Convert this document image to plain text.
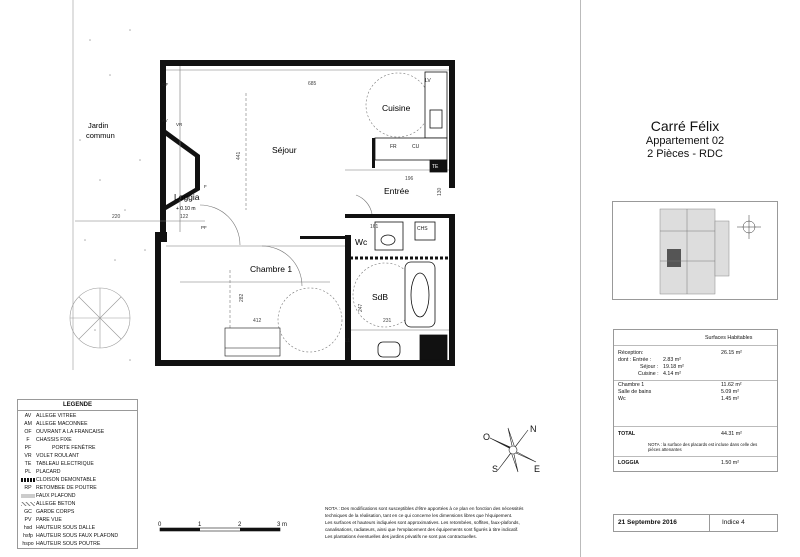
Jardin
commun
Séjour
Cuisine
Entrée
Loggia
+ 0.10 m
Wc
Chambre 1
SdB
685
441
196
220	122
412
282
247
231
161
130
LV
FR	CU
TE
CHS
LL
OF
AV
VR
PF
F
Carré Félix
Appartement 02
2 Pièces - RDC
Surfaces Habitables
Réception:	26.15 m²
dont : Entrée : 2.83 m²
Séjour : 19.18 m²
Cuisine : 4.14 m²
Chambre 1	11.62 m²
Salle de bains	5.09 m²
Wc	1.45 m²
TOTAL	44.31 m²
NOTA : la surface des placards est incluse dans celle des pièces attenantes
LOGGIA	1.50 m²
21 Septembre 2016	Indice 4
N
E
S
O
0	1	2	3 m
NOTA : Des modifications sont susceptibles d'être apportées à ce plan en fonction des nécessités
techniques de la réalisation, tant en ce qui concerne les dimensions libres que l'équipement.
Les surfaces et hauteurs indiquées sont approximatives. Les retombées, soffites, faux-plafonds,
canalisations, radiateurs, ainsi que l'emplacement des équipements sont figurés à titre indicatif.
Les plantations éventuelles des jardins privatifs ne sont pas contractuelles.
LEGENDE
AV ALLEGE VITREE
AM ALLEGE MACONNEE
OF OUVRANT A LA FRANCAISE
F CHASSIS FIXE
PF	PORTE FENÊTRE
VR VOLET ROULANT
TE TABLEAU ELECTRIQUE
PL PLACARD
CLOISON DEMONTABLE
RP RETOMBEE DE POUTRE
FAUX PLAFOND
ALLEGE BETON
GC GARDE CORPS
PV PARE VUE
hsd HAUTEUR SOUS DALLE
hsfp HAUTEUR SOUS FAUX PLAFOND
hspo HAUTEUR SOUS POUTRE
